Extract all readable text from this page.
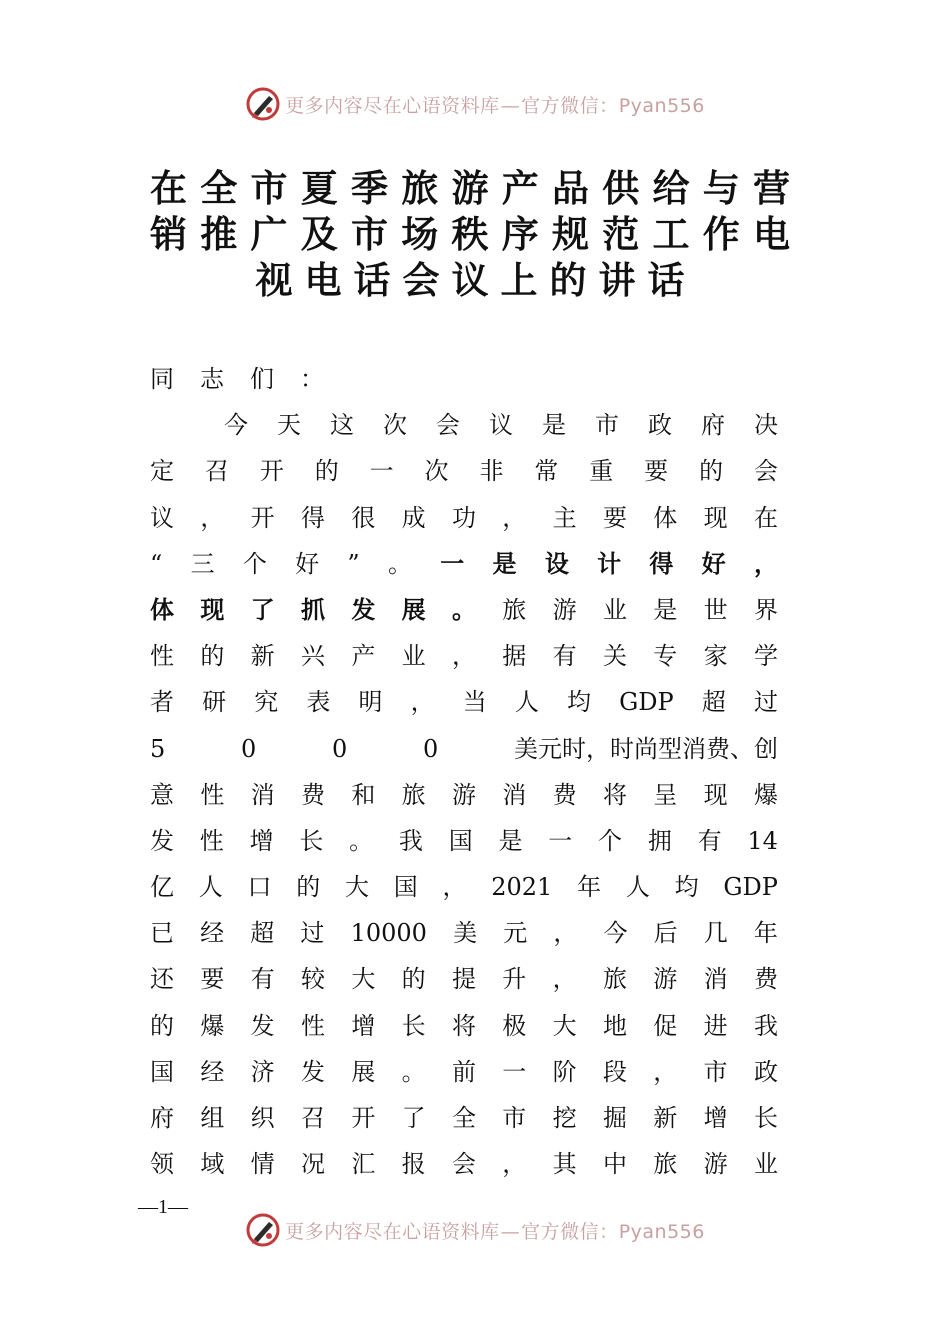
更多内容尽在心语资料库—官方微信：Pyan556
在 全 市 夏 季 旅 游 产 品 供 给 与 营
销 推 广 及 市 场 秩 序 规 范 工 作 电
视 电 话 会 议 上 的 讲 话
同 志 们 ：
今 天 这 次 会 议 是 市 政 府 决
定 召 开 的 一 次 非 常 重 要 的 会
议 ， 开 得 很 成 功 ， 主 要 体 现 在
“ 三 个 好 ” 。 一 是 设 计 得 好 ，
体 现 了 抓 发 展 。 旅 游 业 是 世 界
性 的 新 兴 产 业 ， 据 有 关 专 家 学
者 研 究 表 明 ， 当 人 均 GDP 超 过
5	0	0	0	美元时，时尚型消费、创
意 性 消 费 和 旅 游 消 费 将 呈 现 爆
发 性 增 长 。 我 国 是 一 个 拥 有 14
亿 人 口 的 大 国 ， 2021 年 人 均 GDP
已 经 超 过 10000 美 元 ， 今 后 几 年
还 要 有 较 大 的 提 升 ， 旅 游 消 费
的 爆 发 性 增 长 将 极 大 地 促 进 我
国 经 济 发 展 。 前 一 阶 段 ， 市 政
府 组 织 召 开 了 全 市 挖 掘 新 增 长
领 域 情 况 汇 报 会 ， 其 中 旅 游 业
—1—
更多内容尽在心语资料库—官方微信：Pyan556
